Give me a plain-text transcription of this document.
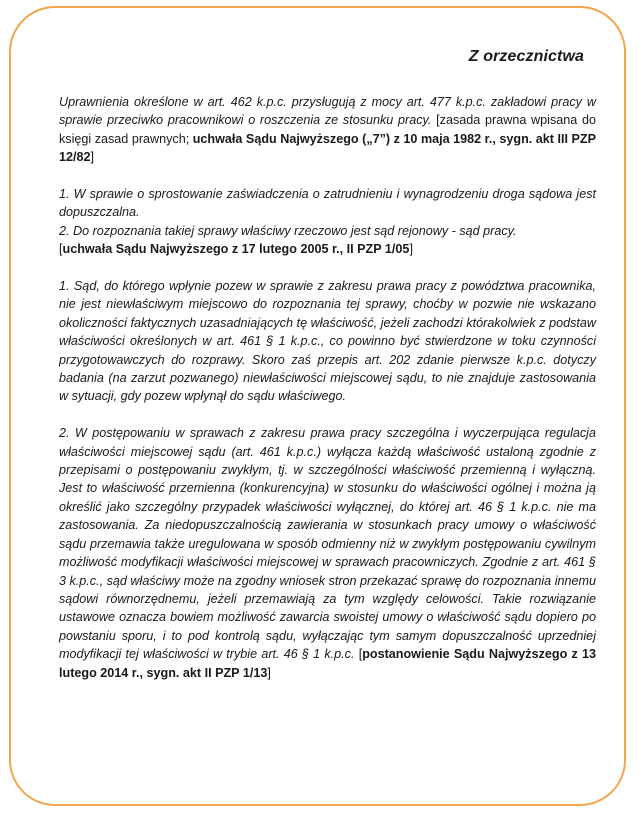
Z orzecznictwa

Uprawnienia określone w art. 462 k.p.c. przysługują z mocy art. 477 k.p.c. zakładowi pracy w sprawie przeciwko pracownikowi o roszczenia ze stosunku pracy. [zasada prawna wpisana do księgi zasad prawnych; uchwała Sądu Najwyższego („7”) z 10 maja 1982 r., sygn. akt III PZP 12/82]

1. W sprawie o sprostowanie zaświadczenia o zatrudnieniu i wynagrodzeniu droga sądowa jest dopuszczalna.
2. Do rozpoznania takiej sprawy właściwy rzeczowo jest sąd rejonowy - sąd pracy.
[uchwała Sądu Najwyższego z 17 lutego 2005 r., II PZP 1/05]

1. Sąd, do którego wpłynie pozew w sprawie z zakresu prawa pracy z powództwa pracownika, nie jest niewłaściwym miejscowo do rozpoznania tej sprawy, choćby w pozwie nie wskazano okoliczności faktycznych uzasadniających tę właściwość, jeżeli zachodzi którakolwiek z podstaw właściwości określonych w art. 461 § 1 k.p.c., co powinno być stwierdzone w toku czynności przygotowawczych do rozprawy. Skoro zaś przepis art. 202 zdanie pierwsze k.p.c. dotyczy badania (na zarzut pozwanego) niewłaściwości miejscowej sądu, to nie znajduje zastosowania w sytuacji, gdy pozew wpłynął do sądu właściwego.

2. W postępowaniu w sprawach z zakresu prawa pracy szczególna i wyczerpująca regulacja właściwości miejscowej sądu (art. 461 k.p.c.) wyłącza każdą właściwość ustaloną zgodnie z przepisami o postępowaniu zwykłym, tj. w szczególności właściwość przemienną i wyłączną. Jest to właściwość przemienna (konkurencyjna) w stosunku do właściwości ogólnej i można ją określić jako szczególny przypadek właściwości wyłącznej, do której art. 46 § 1 k.p.c. nie ma zastosowania. Za niedopuszczalnością zawierania w stosunkach pracy umowy o właściwość sądu przemawia także uregulowana w sposób odmienny niż w zwykłym postępowaniu cywilnym możliwość modyfikacji właściwości miejscowej w sprawach pracowniczych. Zgodnie z art. 461 § 3 k.p.c., sąd właściwy może na zgodny wniosek stron przekazać sprawę do rozpoznania innemu sądowi równorzędnemu, jeżeli przemawiają za tym względy celowości. Takie rozwiązanie ustawowe oznacza bowiem możliwość zawarcia swoistej umowy o właściwość sądu dopiero po powstaniu sporu, i to pod kontrolą sądu, wyłączając tym samym dopuszczalność uprzedniej modyfikacji tej właściwości w trybie art. 46 § 1 k.p.c. [postanowienie Sądu Najwyższego z 13 lutego 2014 r., sygn. akt II PZP 1/13]
